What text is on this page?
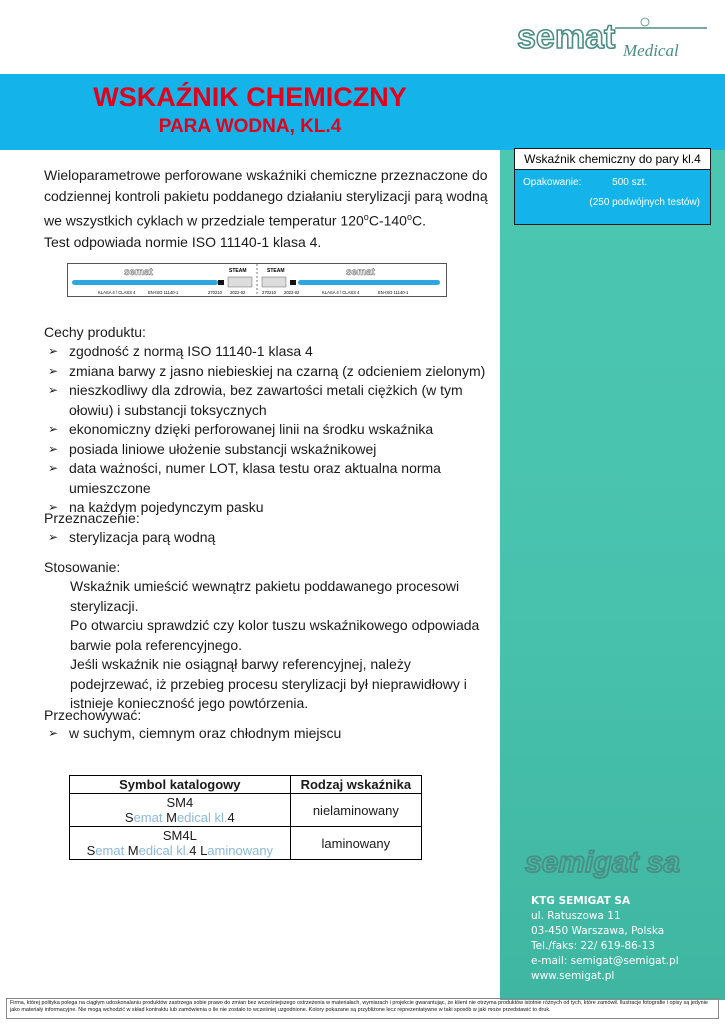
semat Medical
WSKAŹNIK CHEMICZNY
PARA WODNA, KL.4
Wskaźnik chemiczny do pary kl.4
Opakowanie:	500 szt.
(250 podwójnych testów)
Wieloparametrowe perforowane wskaźniki chemiczne przeznaczone do
codziennej kontroli pakietu poddanego działaniu sterylizacji parą wodną
we wszystkich cyklach w przedziale temperatur 120$^o$C-140$^o$C.
Test odpowiada normie ISO 11140-1 klasa 4.
semat	semat
STEAM	STEAM
KLASA 4 / CLASS 4	EN-ISO 11140-1	270210 2022-02	270210 2022-02	KLASA 4 / CLASS 4	EN-ISO 11140-1
Cechy produktu:
➢ zgodność z normą ISO 11140-1 klasa 4
➢ zmiana barwy z jasno niebieskiej na czarną (z odcieniem zielonym)
➢ nieszkodliwy dla zdrowia, bez zawartości metali ciężkich (w tym ołowiu) i substancji toksycznych
➢ ekonomiczny dzięki perforowanej linii na środku wskaźnika
➢ posiada liniowe ułożenie substancji wskaźnikowej
➢ data ważności, numer LOT, klasa testu oraz aktualna norma umieszczone
➢ na każdym pojedynczym pasku
Przeznaczenie:
➢ sterylizacja parą wodną
Stosowanie:

Wskaźnik umieścić wewnątrz pakietu poddawanego procesowi sterylizacji.

Po otwarciu sprawdzić czy kolor tuszu wskaźnikowego odpowiada barwie pola referencyjnego.

Jeśli wskaźnik nie osiągnął barwy referencyjnej, należy podejrzewać, iż przebieg procesu sterylizacji był nieprawidłowy i istnieje konieczność jego powtórzenia.

Przechowywać:
➢ w suchym, ciemnym oraz chłodnym miejscu
Symbol katalogowy	Rodzaj wskaźnika

SM4
Semat Medical kl.4	nielaminowany

SM4L
Semat Medical kl.4 Laminowany	laminowany
semigat sa
KTG SEMIGAT SA
ul. Ratuszowa 11
03-450 Warszawa, Polska
Tel./faks: 22/ 619-86-13
e-mail: semigat@semigat.pl
www.semigat.pl
Firma, której polityka polega na ciągłym udoskonalaniu produktów zastrzega sobie prawo do zmian bez wcześniejszego ostrzeżenia w materiałach, wymiarach i projekcie gwarantując, że klient nie otrzyma produktów istotnie różnych od tych, które zamówił. Ilustracje fotografie i opisy są jedynie jako materiały informacyjne. Nie mogą wchodzić w skład kontraktu lub zamówienia o ile nie zostało to wcześniej uzgodnione. Kolory pokazane są przybliżone lecz reprezentatywne w taki sposób w jaki może przedstawić to druk.
